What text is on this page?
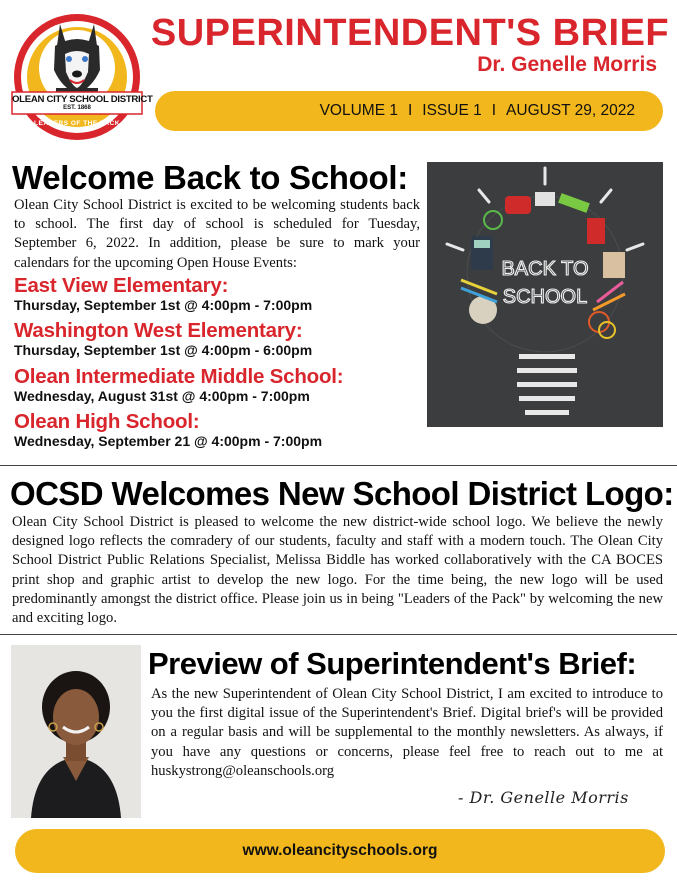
OLEAN CITY SCHOOL DISTRICT
EST. 1868
LEADERS OF THE PACK
SUPERINTENDENT'S BRIEF
Dr. Genelle Morris
VOLUME 1 I ISSUE 1 I AUGUST 29, 2022
Welcome Back to School:
Olean City School District is excited to be welcoming students back to school. The first day of school is scheduled for Tuesday, September 6, 2022. In addition, please be sure to mark your calendars for the upcoming Open House Events:
East View Elementary:
Thursday, September 1st @ 4:00pm - 7:00pm
Washington West Elementary:
Thursday, September 1st @ 4:00pm - 6:00pm
Olean Intermediate Middle School:
Wednesday, August 31st @ 4:00pm - 7:00pm
Olean High School:
Wednesday, September 21 @ 4:00pm - 7:00pm
BACK TO
SCHOOL
OCSD Welcomes New School District Logo:
Olean City School District is pleased to welcome the new district-wide school logo. We believe the newly designed logo reflects the comradery of our students, faculty and staff with a modern touch. The Olean City School District Public Relations Specialist, Melissa Biddle has worked collaboratively with the CA BOCES print shop and graphic artist to develop the new logo. For the time being, the new logo will be used predominantly amongst the district office. Please join us in being "Leaders of the Pack" by welcoming the new and exciting logo.
Preview of Superintendent's Brief:
As the new Superintendent of Olean City School District, I am excited to introduce to you the first digital issue of the Superintendent's Brief. Digital brief's will be provided on a regular basis and will be supplemental to the monthly newsletters. As always, if you have any questions or concerns, please feel free to reach out to me at huskystrong@oleanschools.org
- Dr. Genelle Morris
www.oleancityschools.org
